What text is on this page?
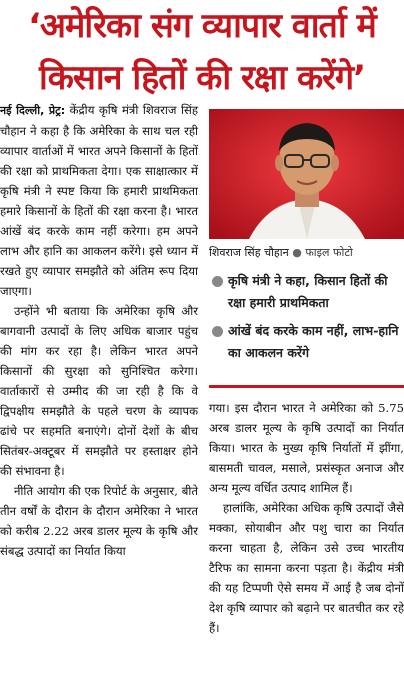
‘अमेरिका संग व्यापार वार्ता में
किसान हितों की रक्षा करेंगे’

नई दिल्ली, प्रेट्र: केंद्रीय कृषि मंत्री शिवराज सिंह चौहान ने कहा है कि अमेरिका के साथ चल रही व्यापार वार्ताओं में भारत अपने किसानों के हितों की रक्षा को प्राथमिकता देगा। एक साक्षात्कार में कृषि मंत्री ने स्पष्ट किया कि हमारी प्राथमिकता हमारे किसानों के हितों की रक्षा करना है। भारत आंखें बंद करके काम नहीं करेगा। हम अपने लाभ और हानि का आकलन करेंगे। इसे ध्यान में रखते हुए व्यापार समझौते को अंतिम रूप दिया जाएगा।

उन्होंने भी बताया कि अमेरिका कृषि और बागवानी उत्पादों के लिए अधिक बाजार पहुंच की मांग कर रहा है। लेकिन भारत अपने किसानों की सुरक्षा को सुनिश्चित करेगा। वार्ताकारों से उम्मीद की जा रही है कि वे द्विपक्षीय समझौते के पहले चरण के व्यापक ढांचे पर सहमति बनाएंगे। दोनों देशों के बीच सितंबर-अक्टूबर में समझौते पर हस्ताक्षर होने की संभावना है।

नीति आयोग की एक रिपोर्ट के अनुसार, बीते तीन वर्षों के दौरान के दौरान अमेरिका ने भारत को करीब 2.22 अरब डालर मूल्य के कृषि और संबद्ध उत्पादों का निर्यात किया

शिवराज सिंह चौहान ● फाइल फोटो
कृषि मंत्री ने कहा, किसान हितों की रक्षा हमारी प्राथमिकता
आंखें बंद करके काम नहीं, लाभ-हानि का आकलन करेंगे

गया। इस दौरान भारत ने अमेरिका को 5.75 अरब डालर मूल्य के कृषि उत्पादों का निर्यात किया। भारत के मुख्य कृषि निर्यातों में झींगा, बासमती चावल, मसाले, प्रसंस्कृत अनाज और अन्य मूल्य वर्धित उत्पाद शामिल हैं।

हालांकि, अमेरिका अधिक कृषि उत्पादों जैसे मक्का, सोयाबीन और पशु चारा का निर्यात करना चाहता है, लेकिन उसे उच्च भारतीय टैरिफ का सामना करना पड़ता है। केंद्रीय मंत्री की यह टिप्पणी ऐसे समय में आई है जब दोनों देश कृषि व्यापार को बढ़ाने पर बातचीत कर रहे हैं।
